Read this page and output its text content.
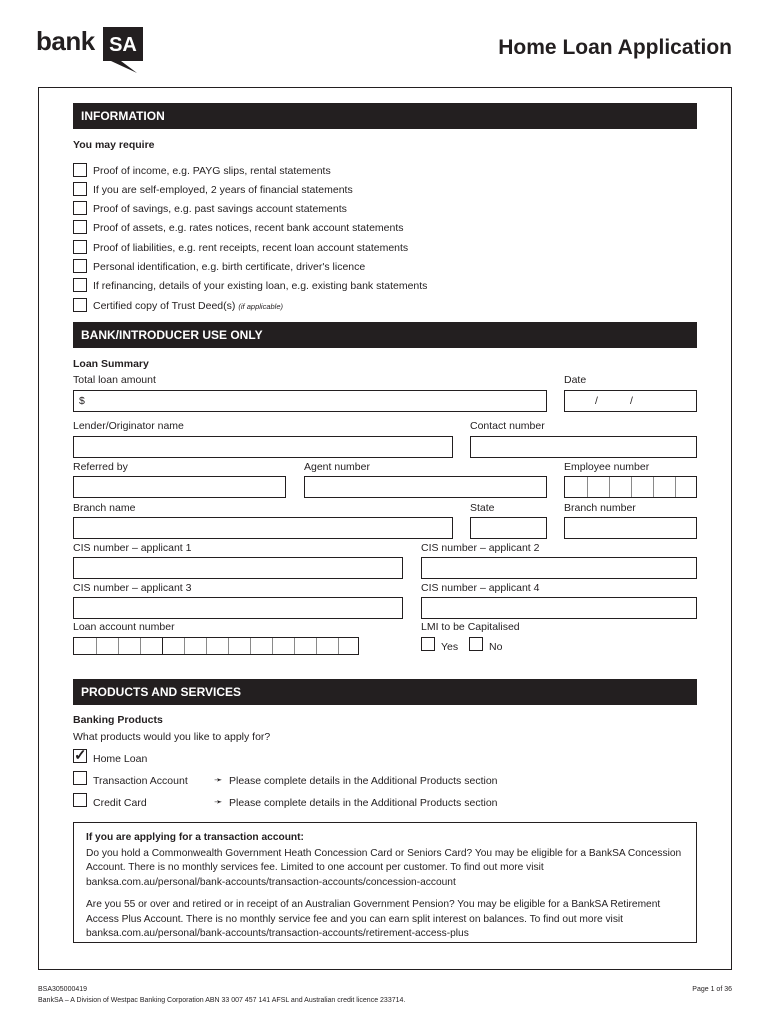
bank SA	Home Loan Application
INFORMATION
You may require
Proof of income, e.g. PAYG slips, rental statements
If you are self-employed, 2 years of financial statements
Proof of savings, e.g. past savings account statements
Proof of assets, e.g. rates notices, recent bank account statements
Proof of liabilities, e.g. rent receipts, recent loan account statements
Personal identification, e.g. birth certificate, driver's licence
If refinancing, details of your existing loan, e.g. existing bank statements
Certified copy of Trust Deed(s) (if applicable)
BANK/INTRODUCER USE ONLY
Loan Summary
Total loan amount	Date
$	/	/
Lender/Originator name	Contact number
Referred by	Agent number	Employee number
Branch name	State	Branch number
CIS number – applicant 1	CIS number – applicant 2
CIS number – applicant 3	CIS number – applicant 4
Loan account number	LMI to be Capitalised
Yes	No
PRODUCTS AND SERVICES
Banking Products
What products would you like to apply for?
✓ Home Loan
Transaction Account	➛ Please complete details in the Additional Products section
Credit Card	➛ Please complete details in the Additional Products section
If you are applying for a transaction account:

Do you hold a Commonwealth Government Heath Concession Card or Seniors Card? You may be eligible for a BankSA Concession Account. There is no monthly services fee. Limited to one account per customer. To find out more visit banksa.com.au/personal/bank-accounts/transaction-accounts/concession-account

Are you 55 or over and retired or in receipt of an Australian Government Pension? You may be eligible for a BankSA Retirement Access Plus Account. There is no monthly service fee and you can earn split interest on balances. To find out more visit banksa.com.au/personal/bank-accounts/transaction-accounts/retirement-access-plus

BSA305000419
BankSA – A Division of Westpac Banking Corporation ABN 33 007 457 141 AFSL and Australian credit licence 233714.
Page 1 of 36
